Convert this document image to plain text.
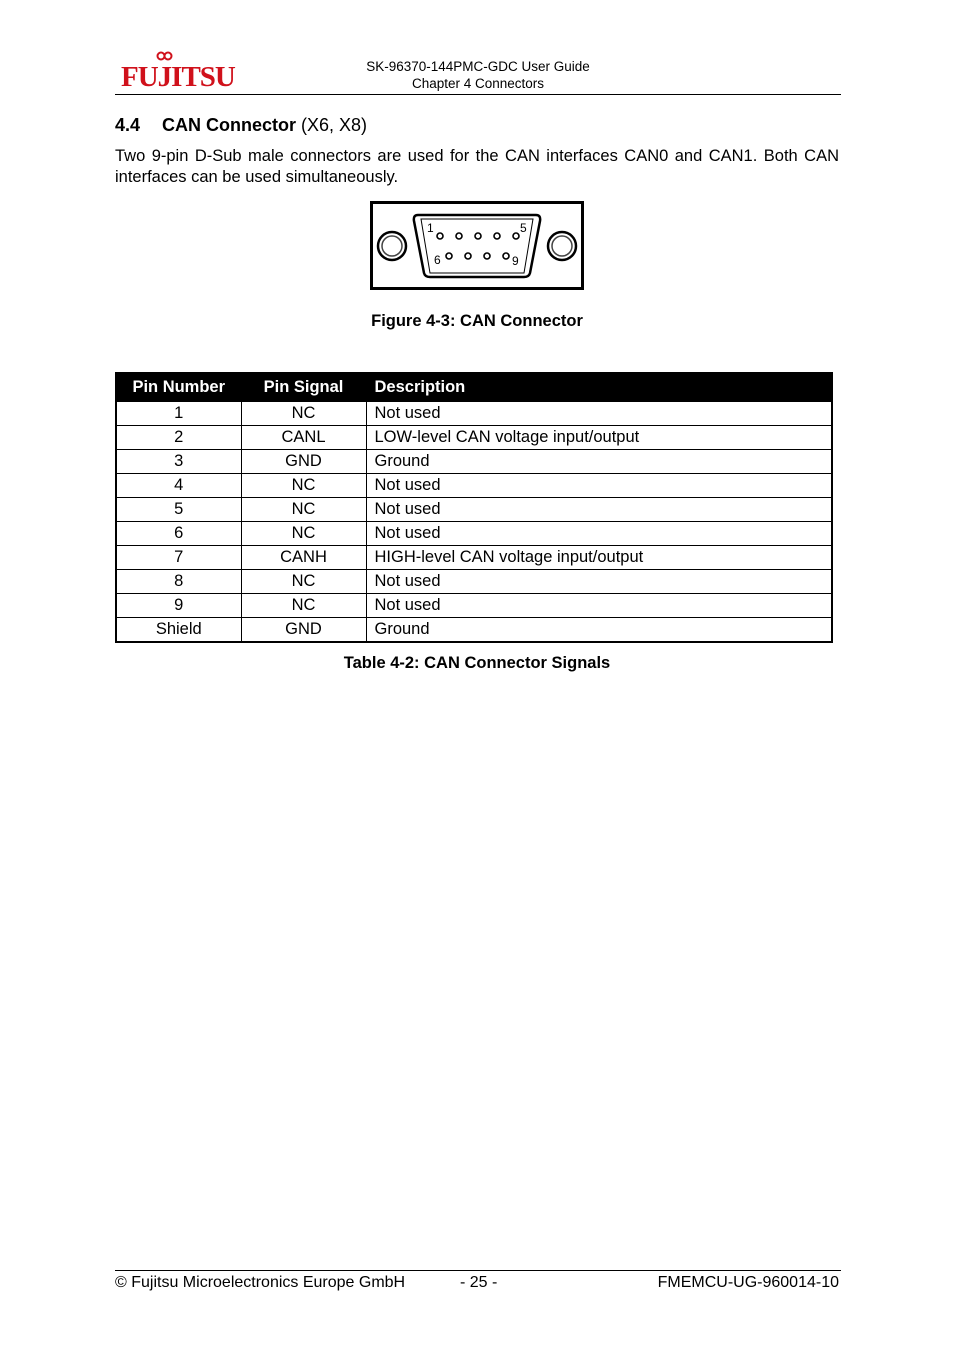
FUJITSU	SK-96370-144PMC-GDC User Guide
Chapter 4 Connectors
4.4 CAN Connector (X6, X8)
Two 9-pin D-Sub male connectors are used for the CAN interfaces CAN0 and CAN1. Both CAN interfaces can be used simultaneously.
1	5
6	9
Figure 4-3: CAN Connector
Pin Number	Pin Signal	Description
1	NC	Not used
2	CANL	LOW-level CAN voltage input/output
3	GND	Ground
4	NC	Not used
5	NC	Not used
6	NC	Not used
7	CANH	HIGH-level CAN voltage input/output
8	NC	Not used
9	NC	Not used
Shield	GND	Ground
Table 4-2: CAN Connector Signals
© Fujitsu Microelectronics Europe GmbH	- 25 -	FMEMCU-UG-960014-10
